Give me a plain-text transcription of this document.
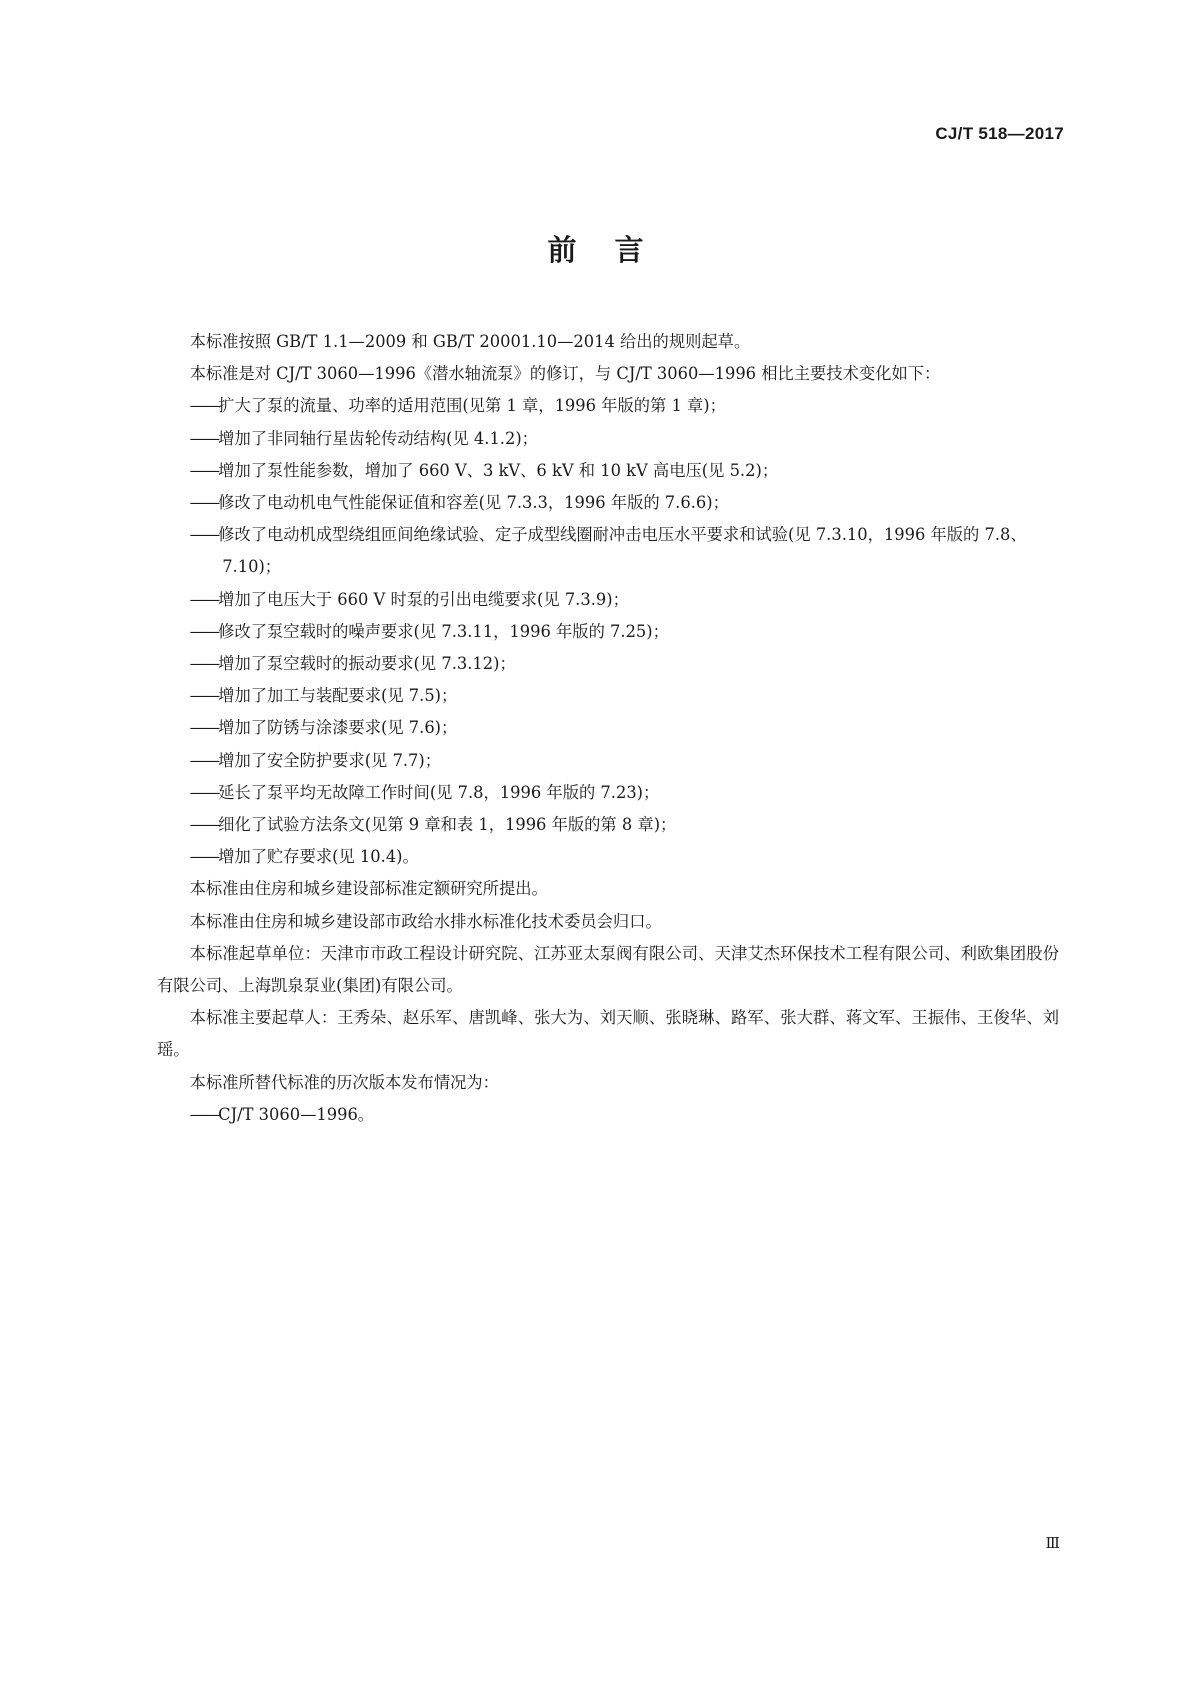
CJ/T 518—2017
前言

本标准按照 GB/T 1.1—2009 和 GB/T 20001.10—2014 给出的规则起草。

本标准是对 CJ/T 3060—1996《潜水轴流泵》的修订，与 CJ/T 3060—1996 相比主要技术变化如下：

——扩大了泵的流量、功率的适用范围(见第 1 章，1996 年版的第 1 章)；

——增加了非同轴行星齿轮传动结构(见 4.1.2)；

——增加了泵性能参数，增加了 660 V、3 kV、6 kV 和 10 kV 高电压(见 5.2)；

——修改了电动机电气性能保证值和容差(见 7.3.3，1996 年版的 7.6.6)；

——修改了电动机成型绕组匝间绝缘试验、定子成型线圈耐冲击电压水平要求和试验(见 7.3.10，1996 年版的 7.8、7.10)；

——增加了电压大于 660 V 时泵的引出电缆要求(见 7.3.9)；

——修改了泵空载时的噪声要求(见 7.3.11，1996 年版的 7.25)；

——增加了泵空载时的振动要求(见 7.3.12)；

——增加了加工与装配要求(见 7.5)；

——增加了防锈与涂漆要求(见 7.6)；

——增加了安全防护要求(见 7.7)；

——延长了泵平均无故障工作时间(见 7.8，1996 年版的 7.23)；

——细化了试验方法条文(见第 9 章和表 1，1996 年版的第 8 章)；

——增加了贮存要求(见 10.4)。

本标准由住房和城乡建设部标准定额研究所提出。

本标准由住房和城乡建设部市政给水排水标准化技术委员会归口。

本标准起草单位：天津市市政工程设计研究院、江苏亚太泵阀有限公司、天津艾杰环保技术工程有限公司、利欧集团股份有限公司、上海凯泉泵业(集团)有限公司。

本标准主要起草人：王秀朵、赵乐军、唐凯峰、张大为、刘天顺、张晓琳、路军、张大群、蒋文军、王振伟、王俊华、刘瑶。

本标准所替代标准的历次版本发布情况为：

——CJ/T 3060—1996。

Ⅲ
